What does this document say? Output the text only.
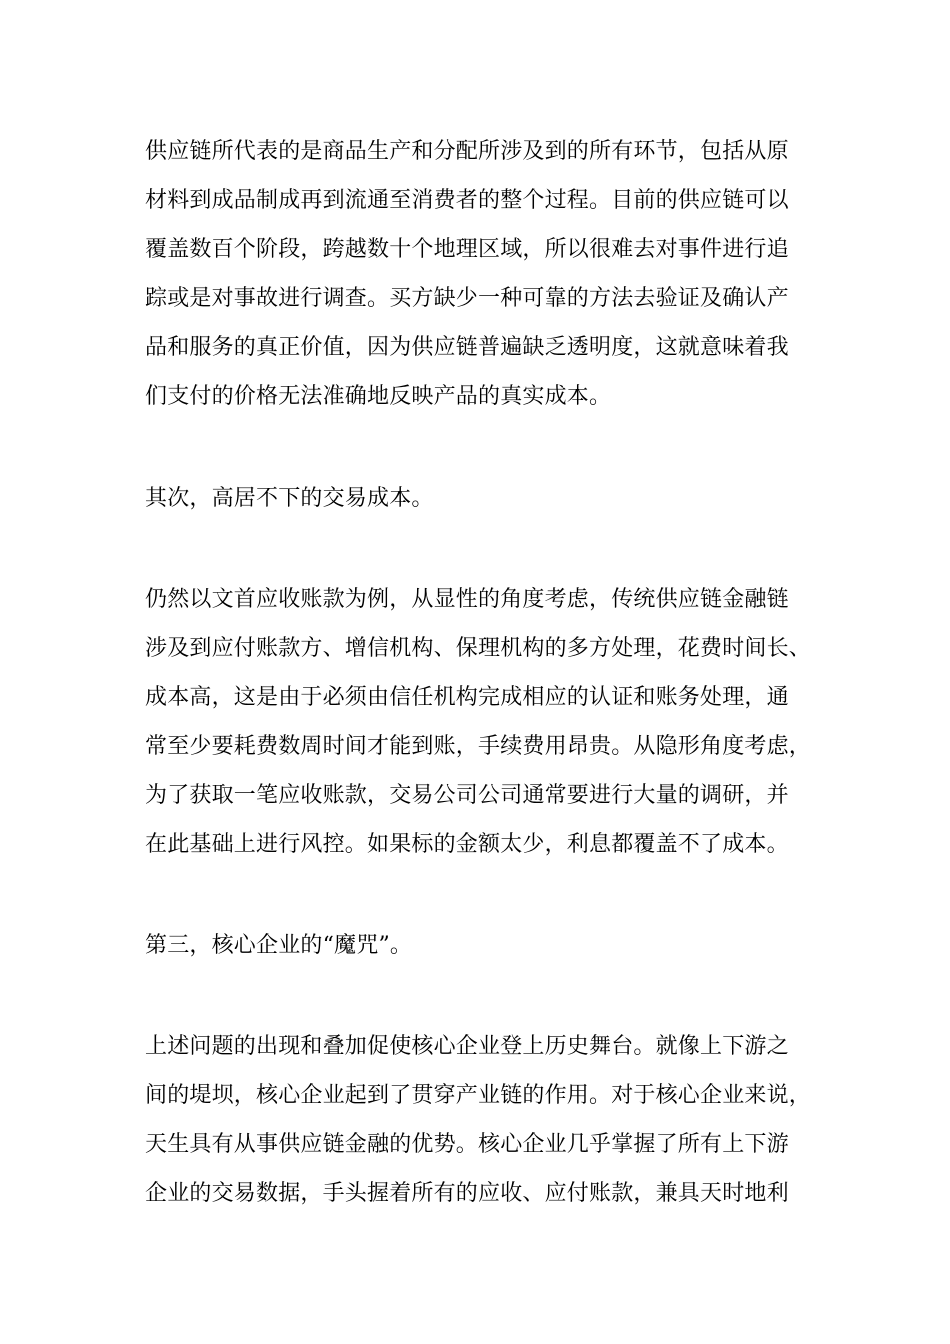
供应链所代表的是商品生产和分配所涉及到的所有环节，包括从原
材料到成品制成再到流通至消费者的整个过程。目前的供应链可以
覆盖数百个阶段，跨越数十个地理区域，所以很难去对事件进行追
踪或是对事故进行调查。买方缺少一种可靠的方法去验证及确认产
品和服务的真正价值，因为供应链普遍缺乏透明度，这就意味着我
们支付的价格无法准确地反映产品的真实成本。
其次，高居不下的交易成本。
仍然以文首应收账款为例，从显性的角度考虑，传统供应链金融链
涉及到应付账款方、增信机构、保理机构的多方处理，花费时间长、
成本高，这是由于必须由信任机构完成相应的认证和账务处理，通
常至少要耗费数周时间才能到账，手续费用昂贵。从隐形角度考虑，
为了获取一笔应收账款，交易公司公司通常要进行大量的调研，并
在此基础上进行风控。如果标的金额太少，利息都覆盖不了成本。
第三，核心企业的“魔咒”。
上述问题的出现和叠加促使核心企业登上历史舞台。就像上下游之
间的堤坝，核心企业起到了贯穿产业链的作用。对于核心企业来说，
天生具有从事供应链金融的优势。核心企业几乎掌握了所有上下游
企业的交易数据，手头握着所有的应收、应付账款，兼具天时地利
